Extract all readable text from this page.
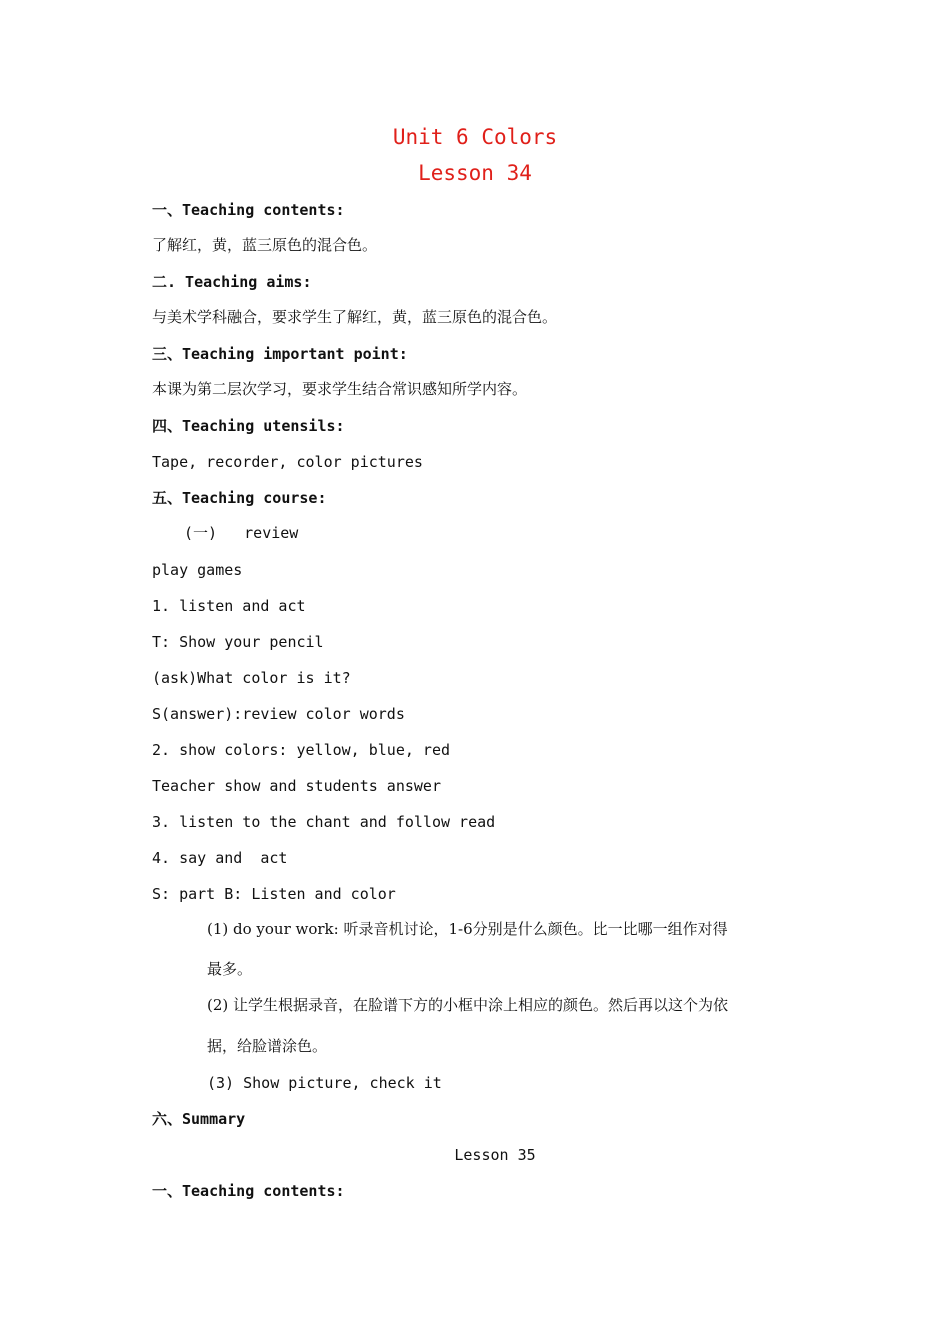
Unit 6 Colors
Lesson 34
一、Teaching contents:
了解红，黄，蓝三原色的混合色。
二. Teaching aims:
与美术学科融合，要求学生了解红，黄，蓝三原色的混合色。
三、Teaching important point:
本课为第二层次学习，要求学生结合常识感知所学内容。
四、Teaching utensils:
Tape, recorder, color pictures
五、Teaching course:
(一)   review
play games
1. listen and act
T: Show your pencil
(ask)What color is it?
S(answer):review color words
2. show colors: yellow, blue, red
Teacher show and students answer
3. listen to the chant and follow read
4. say and  act
S: part B: Listen and color
(1) do your work: 听录音机讨论，1-6分别是什么颜色。比一比哪一组作对得
最多。
(2) 让学生根据录音，在脸谱下方的小框中涂上相应的颜色。然后再以这个为依
据，给脸谱涂色。
(3) Show picture, check it
六、Summary
Lesson 35
一、Teaching contents:
